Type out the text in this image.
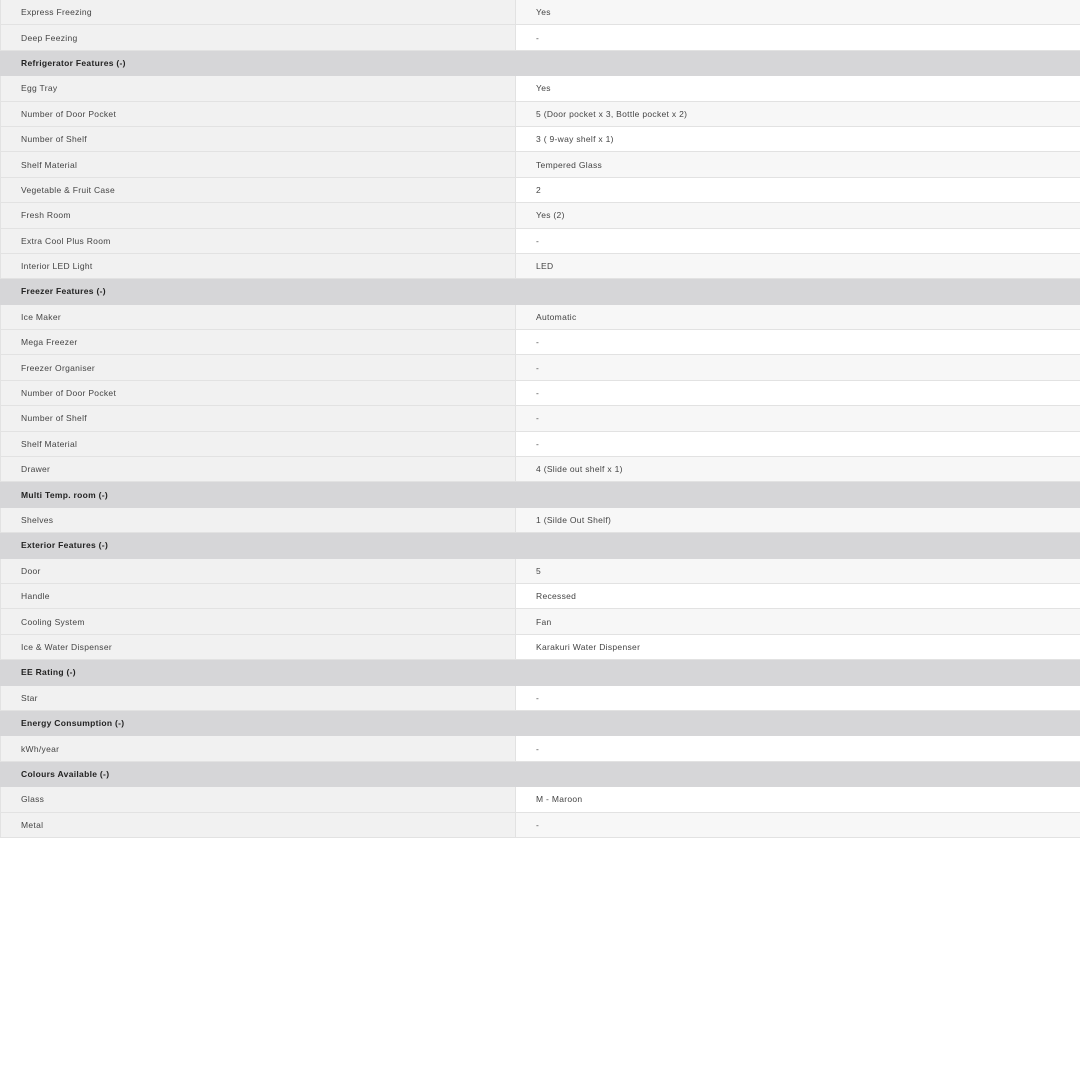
Express Freezing	Yes
Deep Feezing	-
Refrigerator Features (-)
Egg Tray	Yes
Number of Door Pocket	5 (Door pocket x 3, Bottle pocket x 2)
Number of Shelf	3 ( 9-way shelf x 1)
Shelf Material	Tempered Glass
Vegetable & Fruit Case	2
Fresh Room	Yes (2)
Extra Cool Plus Room	-
Interior LED Light	LED
Freezer Features (-)
Ice Maker	Automatic
Mega Freezer	-
Freezer Organiser	-
Number of Door Pocket	-
Number of Shelf	-
Shelf Material	-
Drawer	4 (Slide out shelf x 1)
Multi Temp. room (-)
Shelves	1 (Silde Out Shelf)
Exterior Features (-)
Door	5
Handle	Recessed
Cooling System	Fan
Ice & Water Dispenser	Karakuri Water Dispenser
EE Rating (-)
Star	-
Energy Consumption (-)
kWh/year	-
Colours Available (-)
Glass	M - Maroon
Metal	-
